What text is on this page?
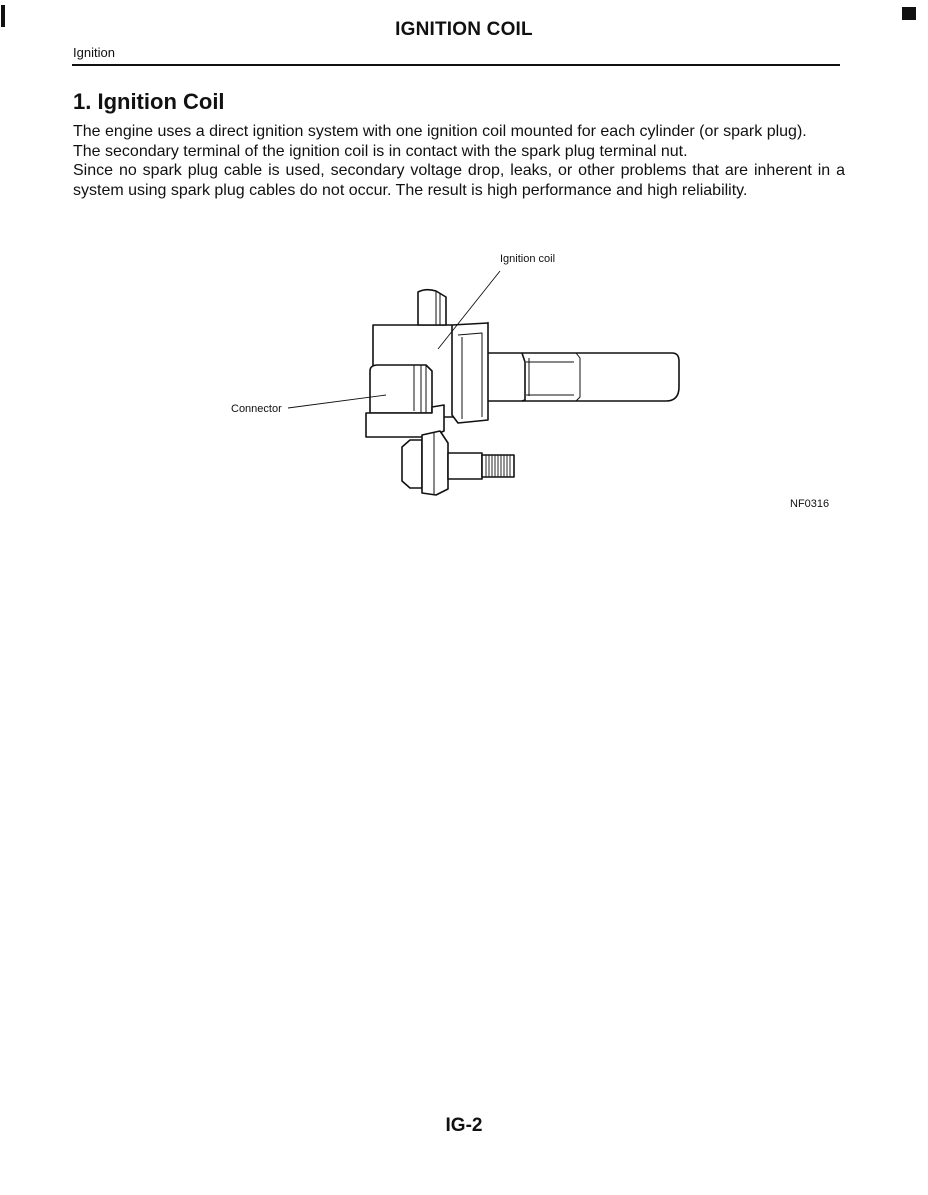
IGNITION COIL
Ignition
1. Ignition Coil

The engine uses a direct ignition system with one ignition coil mounted for each cylinder (or spark plug).

The secondary terminal of the ignition coil is in contact with the spark plug terminal nut.

Since no spark plug cable is used, secondary voltage drop, leaks, or other problems that are inherent in a system using spark plug cables do not occur. The result is high performance and high reliability.

Ignition coil
Connector
NF0316
IG-2
